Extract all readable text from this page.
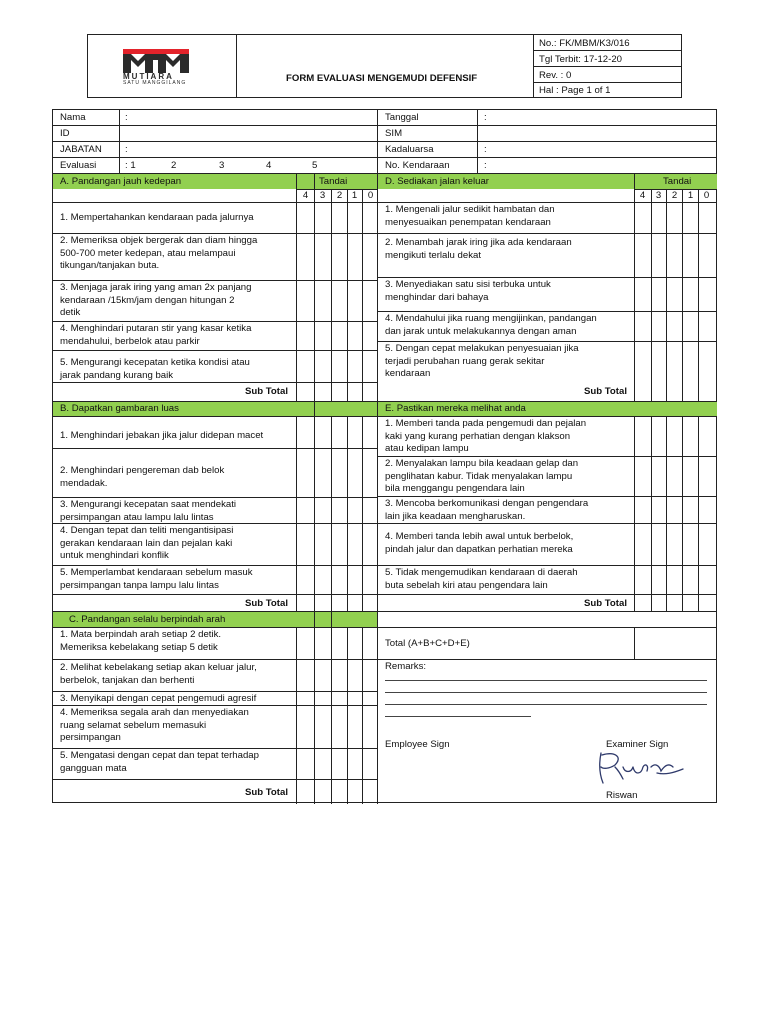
MUTIARA
SATU MANGGILANG	FORM EVALUASI MENGEMUDI DEFENSIF
No.: FK/MBM/K3/016
Tgl Terbit: 17-12-20
Rev. : 0
Hal : Page 1 of 1
Nama	:
ID
JABATAN :
Evaluasi	: 1	2	3	4	5
Tanggal	:
SIM
Kadaluarsa	:
No. Kendaraan	:
A. Pandangan jauh kedepan	Tandai
4	3	2	1	0
1. Mempertahankan kendaraan pada jalurnya
2. Memeriksa objek bergerak dan diam hingga
500-700 meter kedepan, atau melampaui
tikungan/tanjakan buta.
3. Menjaga jarak iring yang aman 2x panjang
kendaraan /15km/jam dengan hitungan 2
detik
4. Menghindari putaran stir yang kasar ketika
mendahului, berbelok atau parkir
5. Mengurangi kecepatan ketika kondisi atau
jarak pandang kurang baik
Sub Total
B. Dapatkan gambaran luas
1. Menghindari jebakan jika jalur didepan macet
2. Menghindari pengereman dab belok
mendadak.
3. Mengurangi kecepatan saat mendekati
persimpangan atau lampu lalu lintas
4. Dengan tepat dan teliti mengantisipasi
gerakan kendaraan lain dan pejalan kaki
untuk menghindari konflik
5. Memperlambat kendaraan sebelum masuk
persimpangan tanpa lampu lalu lintas
Sub Total
C. Pandangan selalu berpindah arah
1. Mata berpindah arah setiap 2 detik.
Memeriksa kebelakang setiap 5 detik
2. Melihat kebelakang setiap akan keluar jalur,
berbelok, tanjakan dan berhenti
3. Menyikapi dengan cepat pengemudi agresif
4. Memeriksa segala arah dan menyediakan
ruang selamat sebelum memasuki
persimpangan
5. Mengatasi dengan cepat dan tepat terhadap
gangguan mata
Sub Total
D. Sediakan jalan keluar	Tandai
4	3	2	1	0
1. Mengenali jalur sedikit hambatan dan
menyesuaikan penempatan kendaraan
2. Menambah jarak iring jika ada kendaraan
mengikuti terlalu dekat
3. Menyediakan satu sisi terbuka untuk
menghindar dari bahaya
4. Mendahului jika ruang mengijinkan, pandangan
dan jarak untuk melakukannya dengan aman
5. Dengan cepat melakukan penyesuaian jika
terjadi perubahan ruang gerak sekitar
kendaraan
Sub Total
E. Pastikan mereka melihat anda
1. Memberi tanda pada pengemudi dan pejalan
kaki yang kurang perhatian dengan klakson
atau kedipan lampu
2. Menyalakan lampu bila keadaan gelap dan
penglihatan kabur. Tidak menyalakan lampu
bila menggangu pengendara lain
3. Mencoba berkomunikasi dengan pengendara
lain jika keadaan mengharuskan.
4. Memberi tanda lebih awal untuk berbelok,
pindah jalur dan dapatkan perhatian mereka
5. Tidak mengemudikan kendaraan di daerah
buta sebelah kiri atau pengendara lain
Sub Total
Total (A+B+C+D+E)
Remarks:
Employee Sign	Examiner Sign
Riswan
